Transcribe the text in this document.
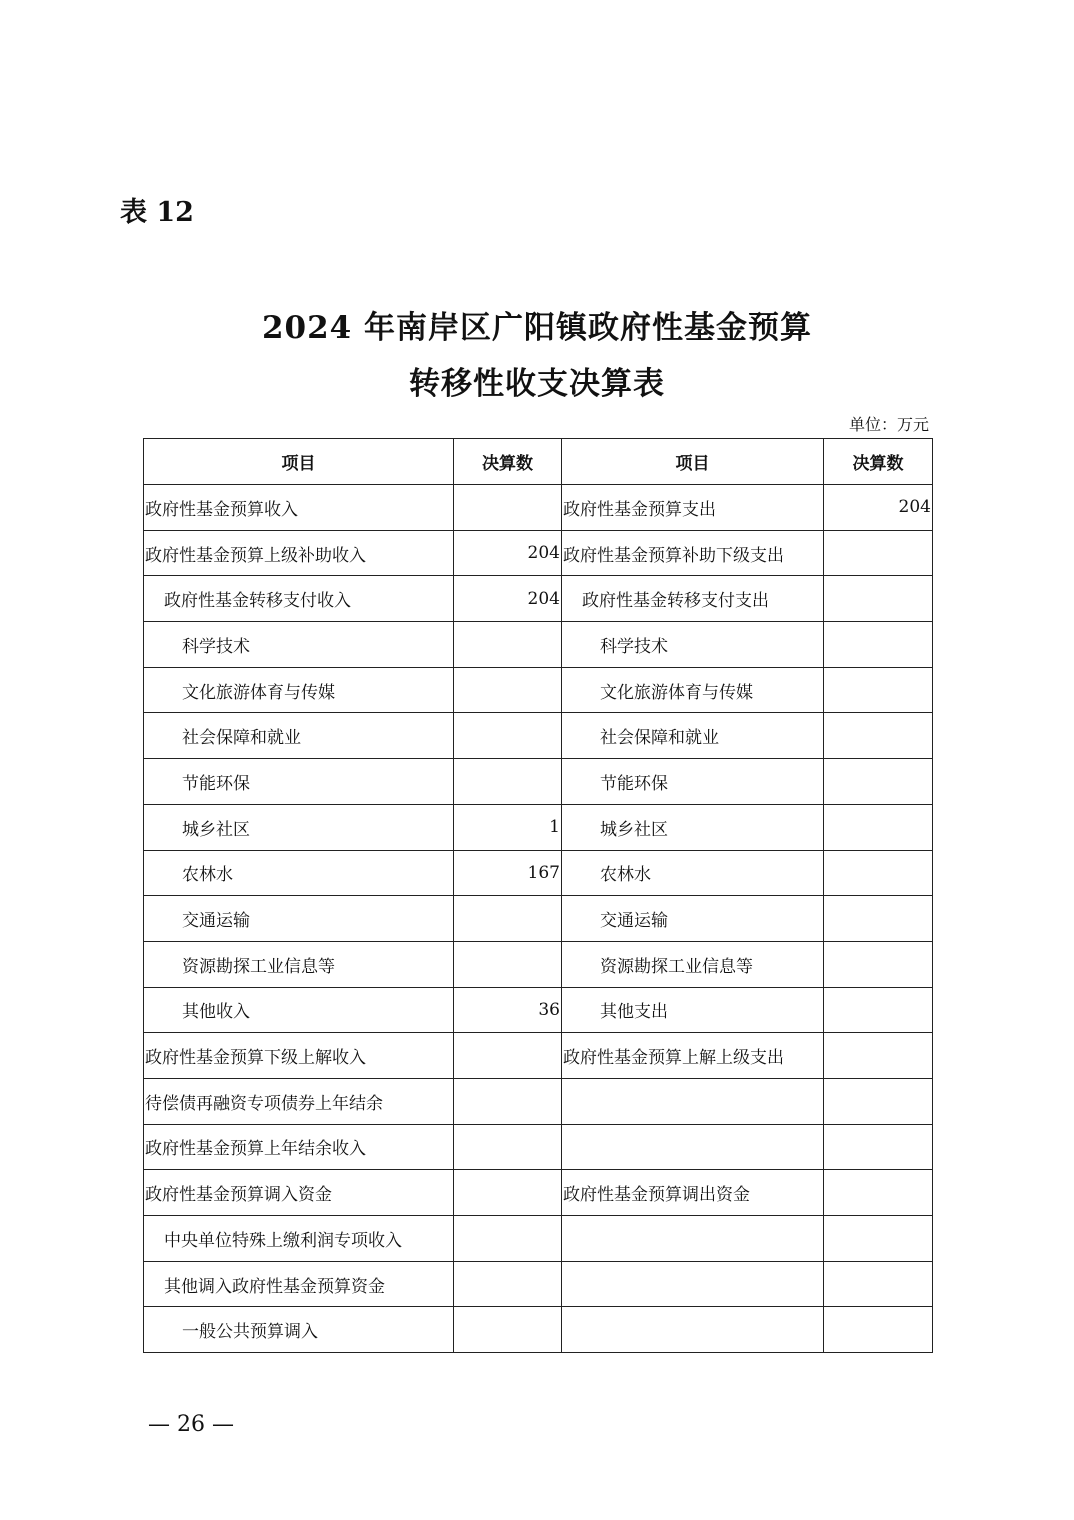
表 12
2024 年南岸区广阳镇政府性基金预算
转移性收支决算表
单位：万元
项目	决算数	项目	决算数
政府性基金预算收入		政府性基金预算支出	204
政府性基金预算上级补助收入	204	政府性基金预算补助下级支出	
政府性基金转移支付收入	204	政府性基金转移支付支出	
科学技术		科学技术	
文化旅游体育与传媒		文化旅游体育与传媒	
社会保障和就业		社会保障和就业	
节能环保		节能环保	
城乡社区	1	城乡社区	
农林水	167	农林水	
交通运输		交通运输	
资源勘探工业信息等		资源勘探工业信息等	
其他收入	36	其他支出	
政府性基金预算下级上解收入		政府性基金预算上解上级支出	
待偿债再融资专项债券上年结余			
政府性基金预算上年结余收入			
政府性基金预算调入资金		政府性基金预算调出资金	
中央单位特殊上缴利润专项收入			
其他调入政府性基金预算资金			
一般公共预算调入			
— 26 —
